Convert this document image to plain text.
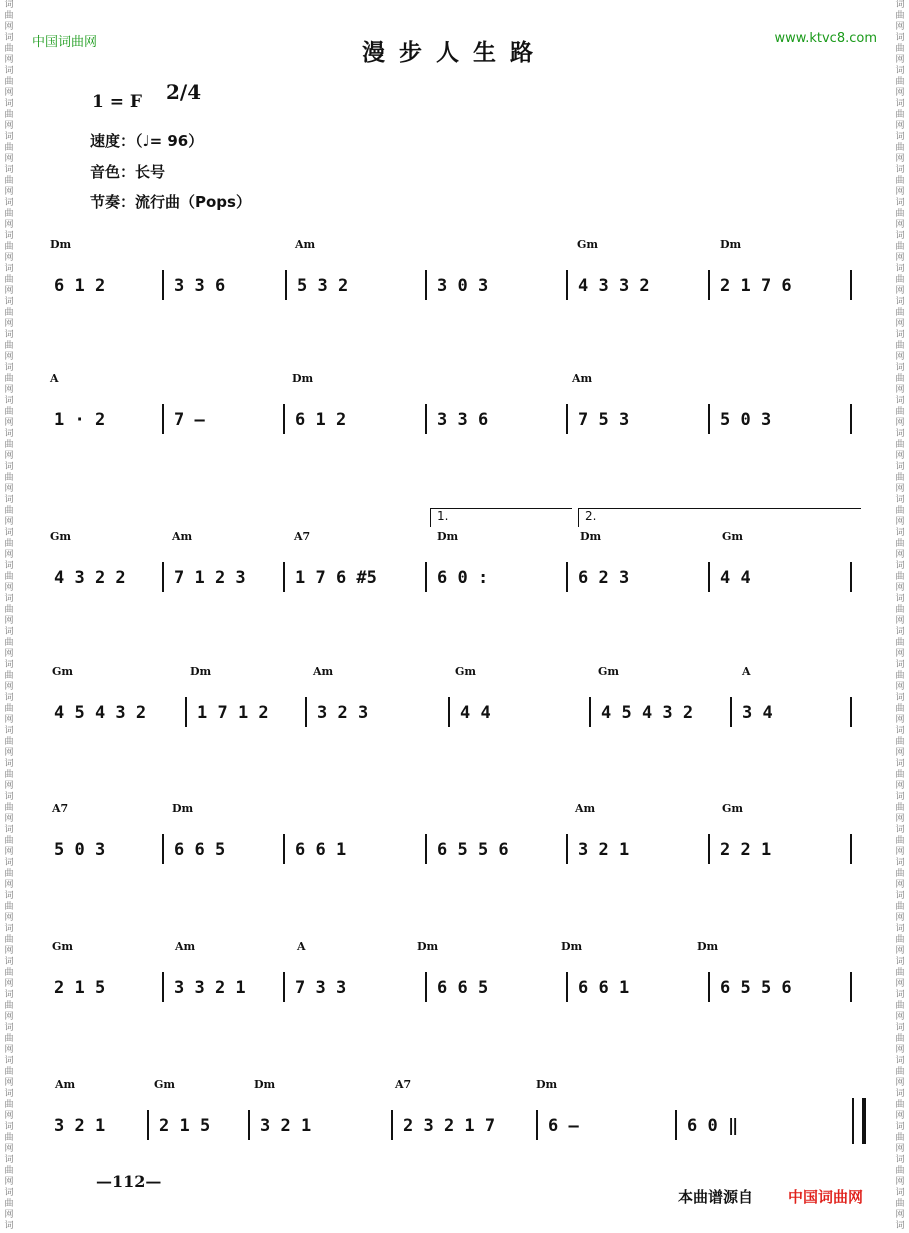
词
曲
网
词
曲
网
词
曲
网
词
曲
网
词
曲
网
词
曲
网
词
曲
网
词
曲
网
词
曲
网
词
曲
网
词
曲
网
词
曲
网
词
曲
网
词
曲
网
词
曲
网
词
曲
网
词
曲
网
词
曲
网
词
曲
网
词
曲
网
词
曲
网
词
曲
网
词
曲
网
词
曲
网
词
曲
网
词
曲
网
词
曲
网
词
曲
网
词
曲
网
词
曲
网
词
曲
网
词
曲
网
词
曲
网
词
曲
网
词
曲
网
词
曲
网
词
曲
网
词
词
曲
网
词
曲
网
词
曲
网
词
曲
网
词
曲
网
词
曲
网
词
曲
网
词
曲
网
词
曲
网
词
曲
网
词
曲
网
词
曲
网
词
曲
网
词
曲
网
词
曲
网
词
曲
网
词
曲
网
词
曲
网
词
曲
网
词
曲
网
词
曲
网
词
曲
网
词
曲
网
词
曲
网
词
曲
网
词
曲
网
词
曲
网
词
曲
网
词
曲
网
词
曲
网
词
曲
网
词
曲
网
词
曲
网
词
曲
网
词
曲
网
词
曲
网
词
曲
网
词
中国词曲网	www.ktvc8.com
漫步人生路
1 = F 2/4
速度：（♩= 96）
音色：长号
节奏：流行曲（Pops）
Dm	Am	Gm	Dm
6 1 2	3 3 6	5 3 2	3 0 3	4 3 3 2	2 1 7 6
A	Dm	Am
1 · 2	7 —	6 1 2	3 3 6	7 5 3	5 0 3
Gm	Am	A7	Dm	Dm	Gm
4 3 2 2	7 1 2 3	1 7 6 #5	6 0 :	6 2 3	4 4
1.	2.
Gm	Dm	Am	Gm	Gm	A
4 5 4 3 2	1 7 1 2	3 2 3	4 4	4 5 4 3 2	3 4
A7	Dm	Am	Gm
5 0 3	6 6 5	6 6 1	6 5 5 6	3 2 1	2 2 1
Gm	Am	A	Dm	Dm	Dm
2 1 5	3 3 2 1	7 3 3	6 6 5	6 6 1	6 5 5 6
Am	Gm	Dm	A7	Dm
3 2 1	2 1 5	3 2 1	2 3 2 1 7	6 —	6 0 ‖
—112—
本曲谱源自 中国词曲网
